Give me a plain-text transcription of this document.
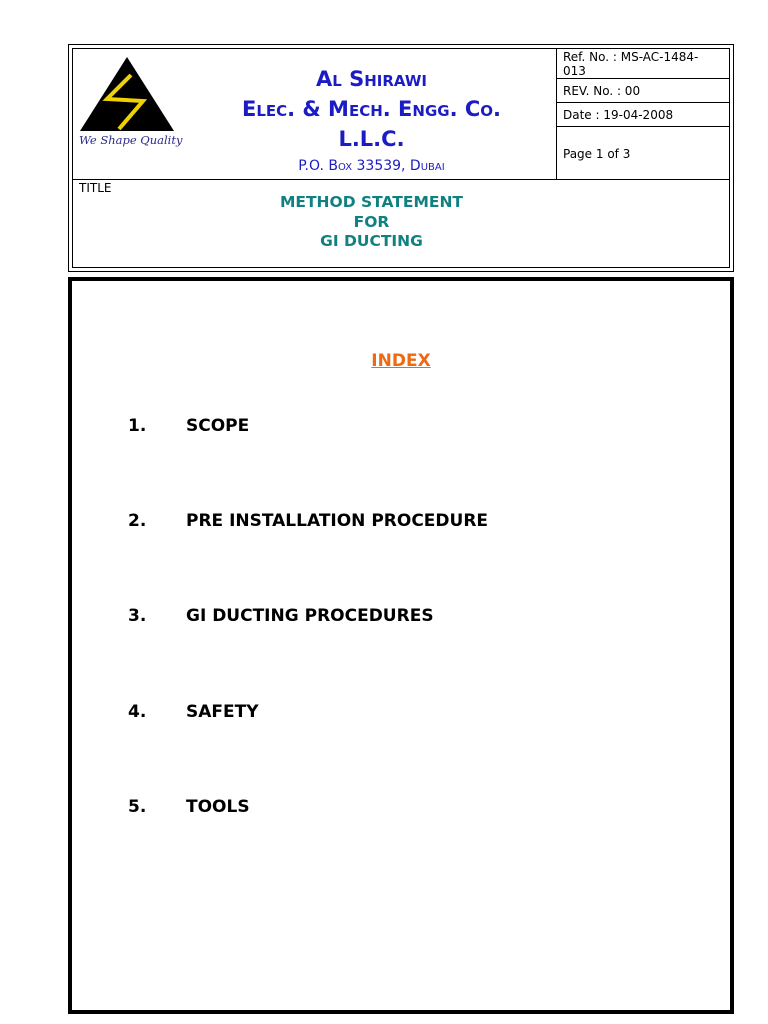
We Shape Quality
Al Shirawi
Elec. & Mech. Engg. Co.
L.L.C.
P.O. Box 33539, Dubai
Ref. No. : MS-AC-1484-013
REV. No. : 00
Date : 19-04-2008
Page 1 of 3
TITLE
METHOD STATEMENT
FOR
GI DUCTING
INDEX
1. SCOPE
2. PRE INSTALLATION PROCEDURE
3. GI DUCTING PROCEDURES
4. SAFETY
5. TOOLS
